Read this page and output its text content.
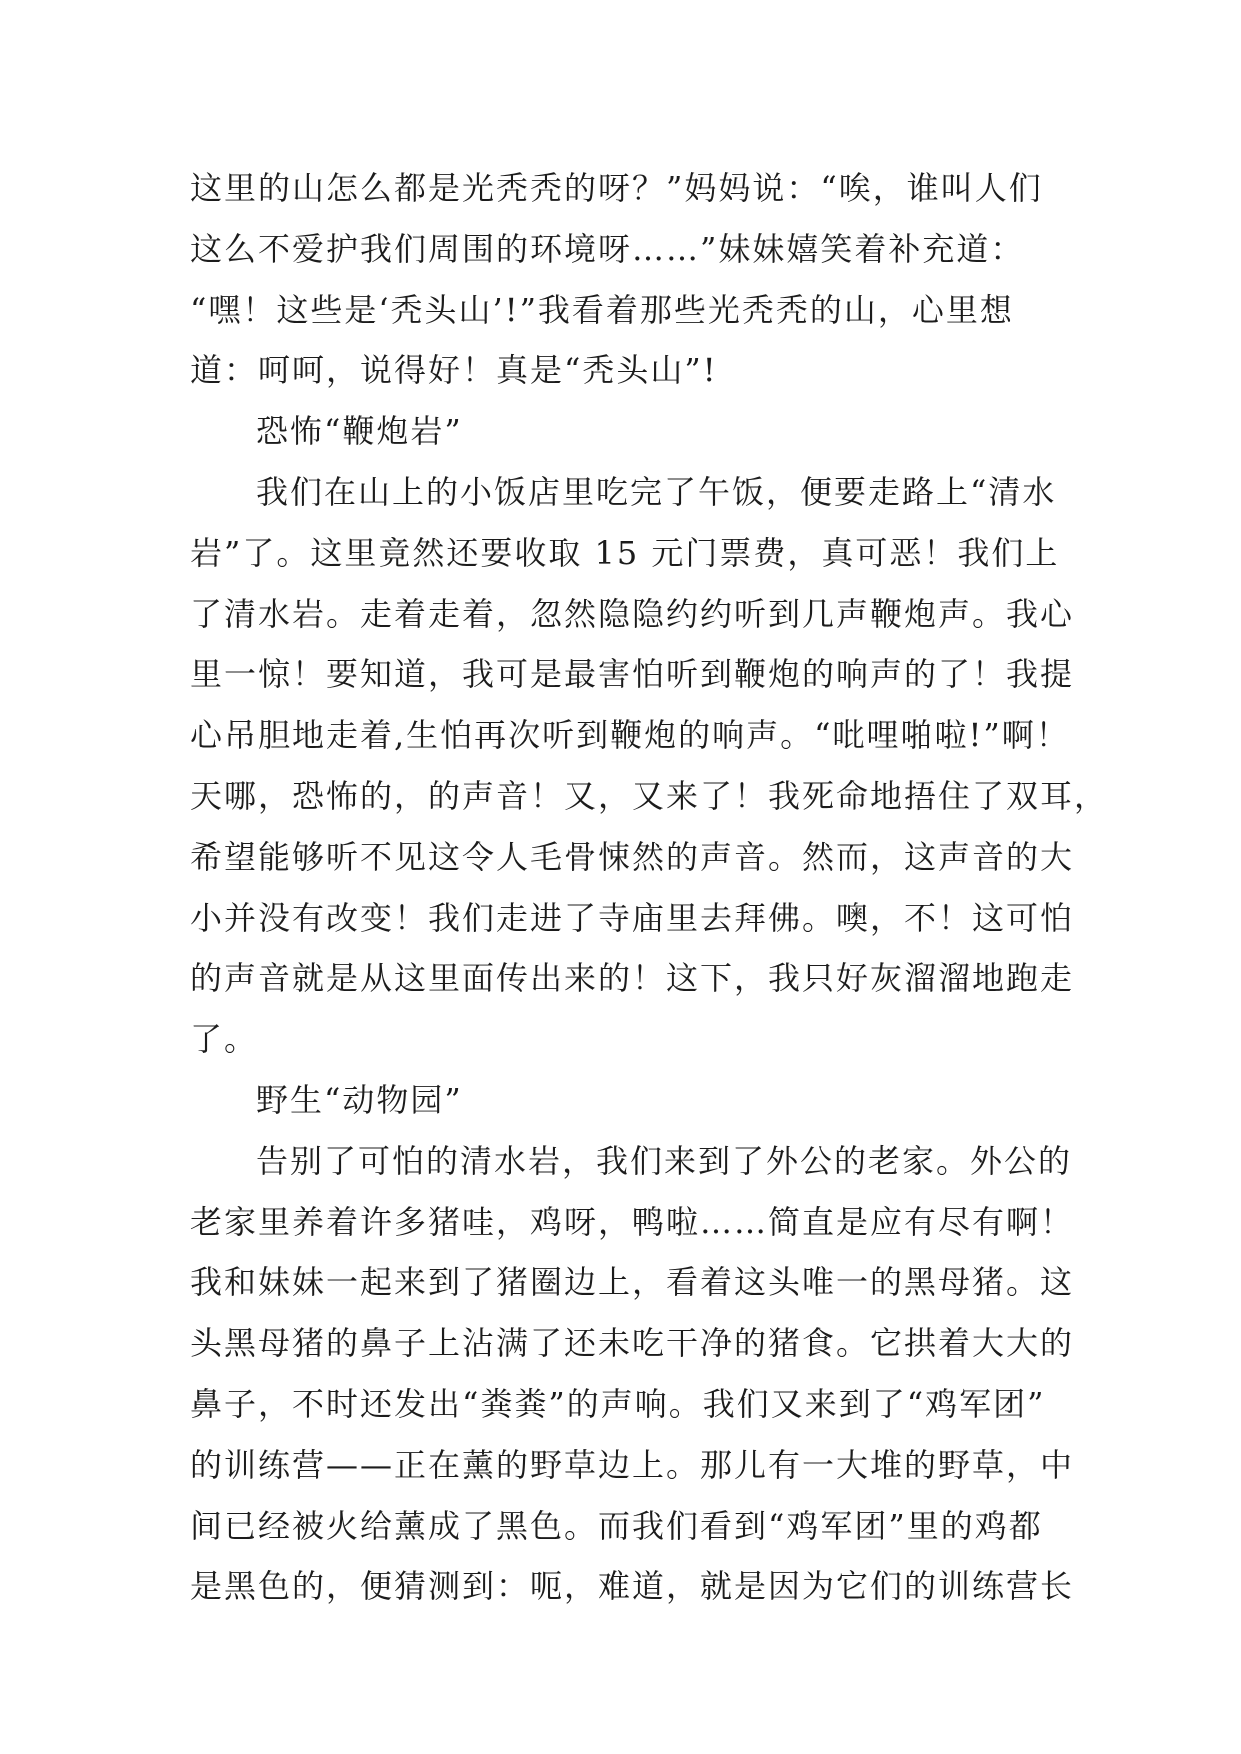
这里的山怎么都是光秃秃的呀？”妈妈说：“唉，谁叫人们
这么不爱护我们周围的环境呀……”妹妹嬉笑着补充道：
“嘿！这些是‘秃头山’!”我看着那些光秃秃的山，心里想
道：呵呵，说得好！真是“秃头山”!
恐怖“鞭炮岩”
我们在山上的小饭店里吃完了午饭，便要走路上“清水
岩”了。这里竟然还要收取 15 元门票费，真可恶！我们上
了清水岩。走着走着，忽然隐隐约约听到几声鞭炮声。我心
里一惊！要知道，我可是最害怕听到鞭炮的响声的了！我提
心吊胆地走着,生怕再次听到鞭炮的响声。“吡哩啪啦!”啊！
天哪，恐怖的，的声音！又，又来了！我死命地捂住了双耳，
希望能够听不见这令人毛骨悚然的声音。然而，这声音的大
小并没有改变！我们走进了寺庙里去拜佛。噢，不！这可怕
的声音就是从这里面传出来的！这下，我只好灰溜溜地跑走
了。
野生“动物园”
告别了可怕的清水岩，我们来到了外公的老家。外公的
老家里养着许多猪哇，鸡呀，鸭啦……简直是应有尽有啊！
我和妹妹一起来到了猪圈边上，看着这头唯一的黑母猪。这
头黑母猪的鼻子上沾满了还未吃干净的猪食。它拱着大大的
鼻子，不时还发出“粪粪”的声响。我们又来到了“鸡军团”
的训练营——正在薰的野草边上。那儿有一大堆的野草，中
间已经被火给薰成了黑色。而我们看到“鸡军团”里的鸡都
是黑色的，便猜测到：呃，难道，就是因为它们的训练营长
